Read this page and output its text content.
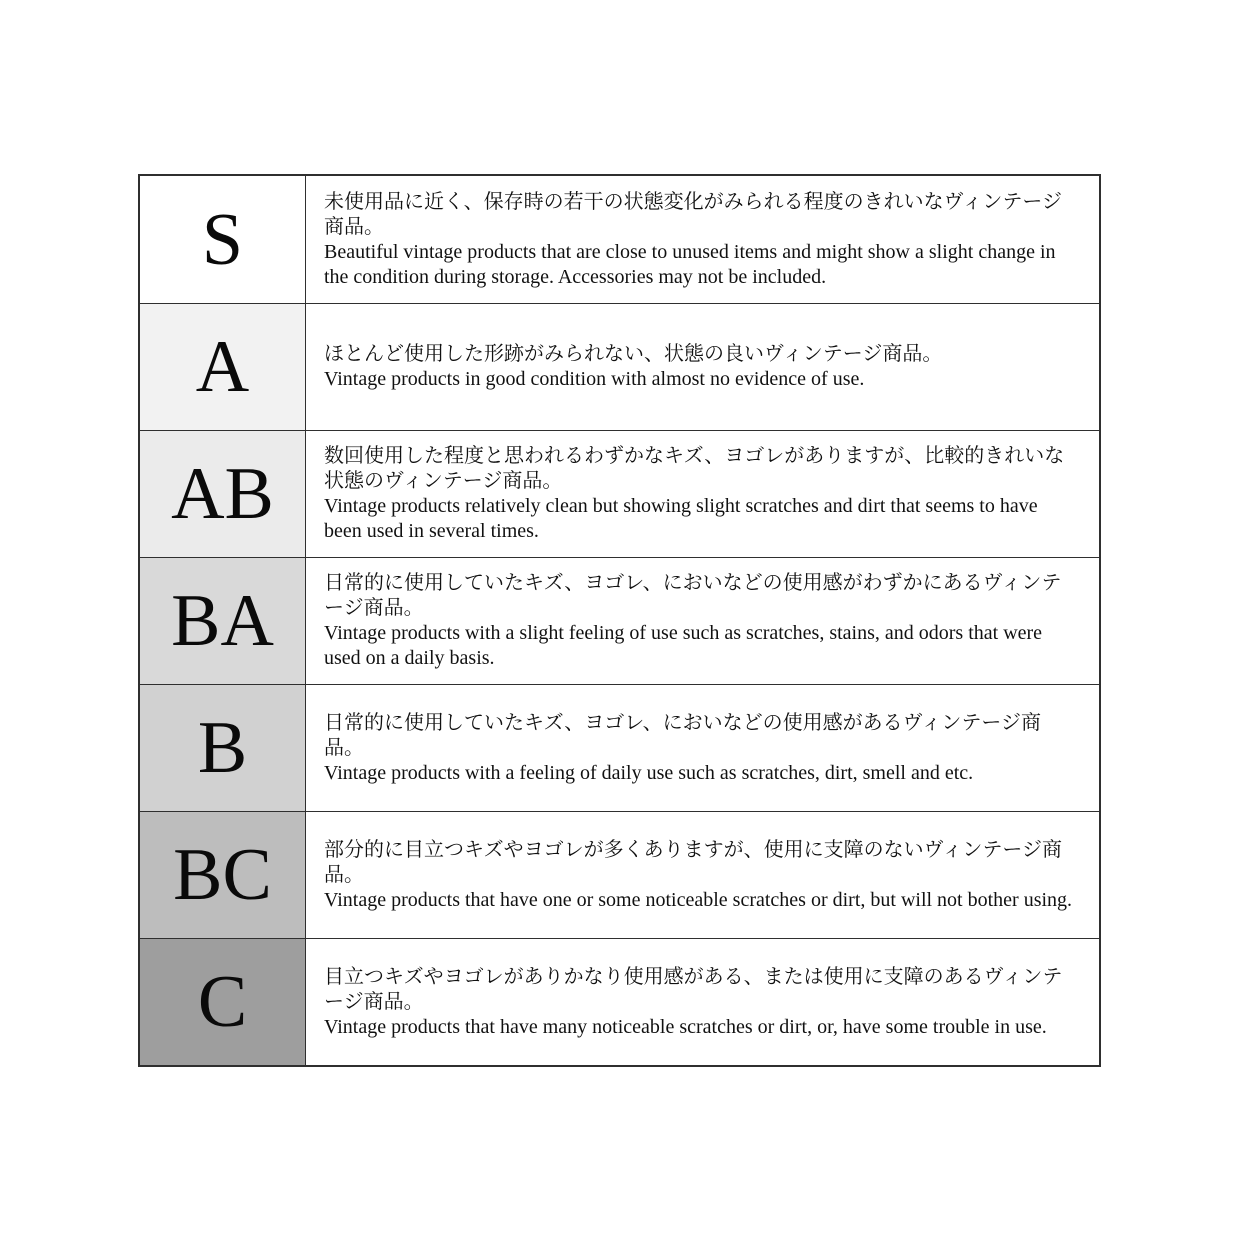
S	未使用品に近く、保存時の若干の状態変化がみられる程度のきれいなヴィンテージ商品。

Beautiful vintage products that are close to unused items and might show a slight change in the condition during storage. Accessories may not be included.

A	ほとんど使用した形跡がみられない、状態の良いヴィンテージ商品。

Vintage products in good condition with almost no evidence of use.

AB	数回使用した程度と思われるわずかなキズ、ヨゴレがありますが、比較的きれいな状態のヴィンテージ商品。

Vintage products relatively clean but showing slight scratches and dirt that seems to have been used in several times.

BA	日常的に使用していたキズ、ヨゴレ、においなどの使用感がわずかにあるヴィンテージ商品。

Vintage products with a slight feeling of use such as scratches, stains, and odors that were used on a daily basis.

B	日常的に使用していたキズ、ヨゴレ、においなどの使用感があるヴィンテージ商品。

Vintage products with a feeling of daily use such as scratches, dirt, smell and etc.

BC	部分的に目立つキズやヨゴレが多くありますが、使用に支障のないヴィンテージ商品。

Vintage products that have one or some noticeable scratches or dirt, but will not bother using.

C	目立つキズやヨゴレがありかなり使用感がある、または使用に支障のあるヴィンテージ商品。

Vintage products that have many noticeable scratches or dirt, or, have some trouble in use.
